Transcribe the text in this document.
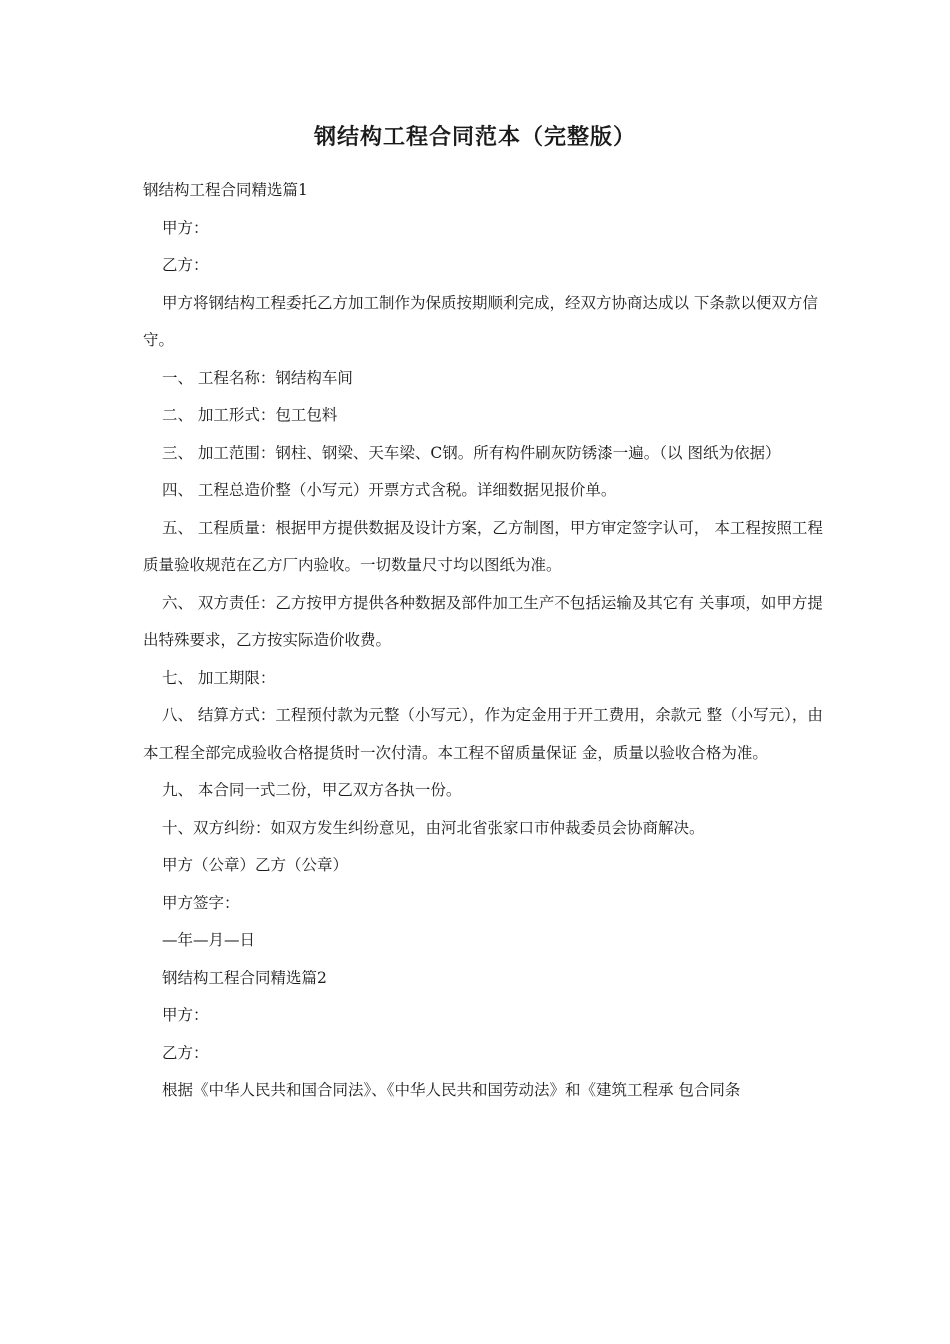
钢结构工程合同范本（完整版）

钢结构工程合同精选篇1

甲方：

乙方：

甲方将钢结构工程委托乙方加工制作为保质按期顺利完成，经双方协商达成以 下条款以便双方信守。

一、 工程名称：钢结构车间

二、 加工形式：包工包料

三、 加工范围：钢柱、钢梁、天车梁、C钢。所有构件刷灰防锈漆一遍。（以 图纸为依据）

四、 工程总造价整（小写元）开票方式含税。详细数据见报价单。

五、 工程质量：根据甲方提供数据及设计方案，乙方制图，甲方审定签字认可， 本工程按照工程质量验收规范在乙方厂内验收。一切数量尺寸均以图纸为准。

六、 双方责任：乙方按甲方提供各种数据及部件加工生产不包括运输及其它有 关事项，如甲方提出特殊要求，乙方按实际造价收费。

七、 加工期限：

八、 结算方式：工程预付款为元整（小写元），作为定金用于开工费用，余款元 整（小写元），由本工程全部完成验收合格提货时一次付清。本工程不留质量保证 金，质量以验收合格为准。

九、 本合同一式二份，甲乙双方各执一份。

十、双方纠纷：如双方发生纠纷意见，由河北省张家口市仲裁委员会协商解决。

甲方（公章）乙方（公章）

甲方签字：

—年—月—日

钢结构工程合同精选篇2

甲方：

乙方：

根据《中华人民共和国合同法》、《中华人民共和国劳动法》和《建筑工程承 包合同条
